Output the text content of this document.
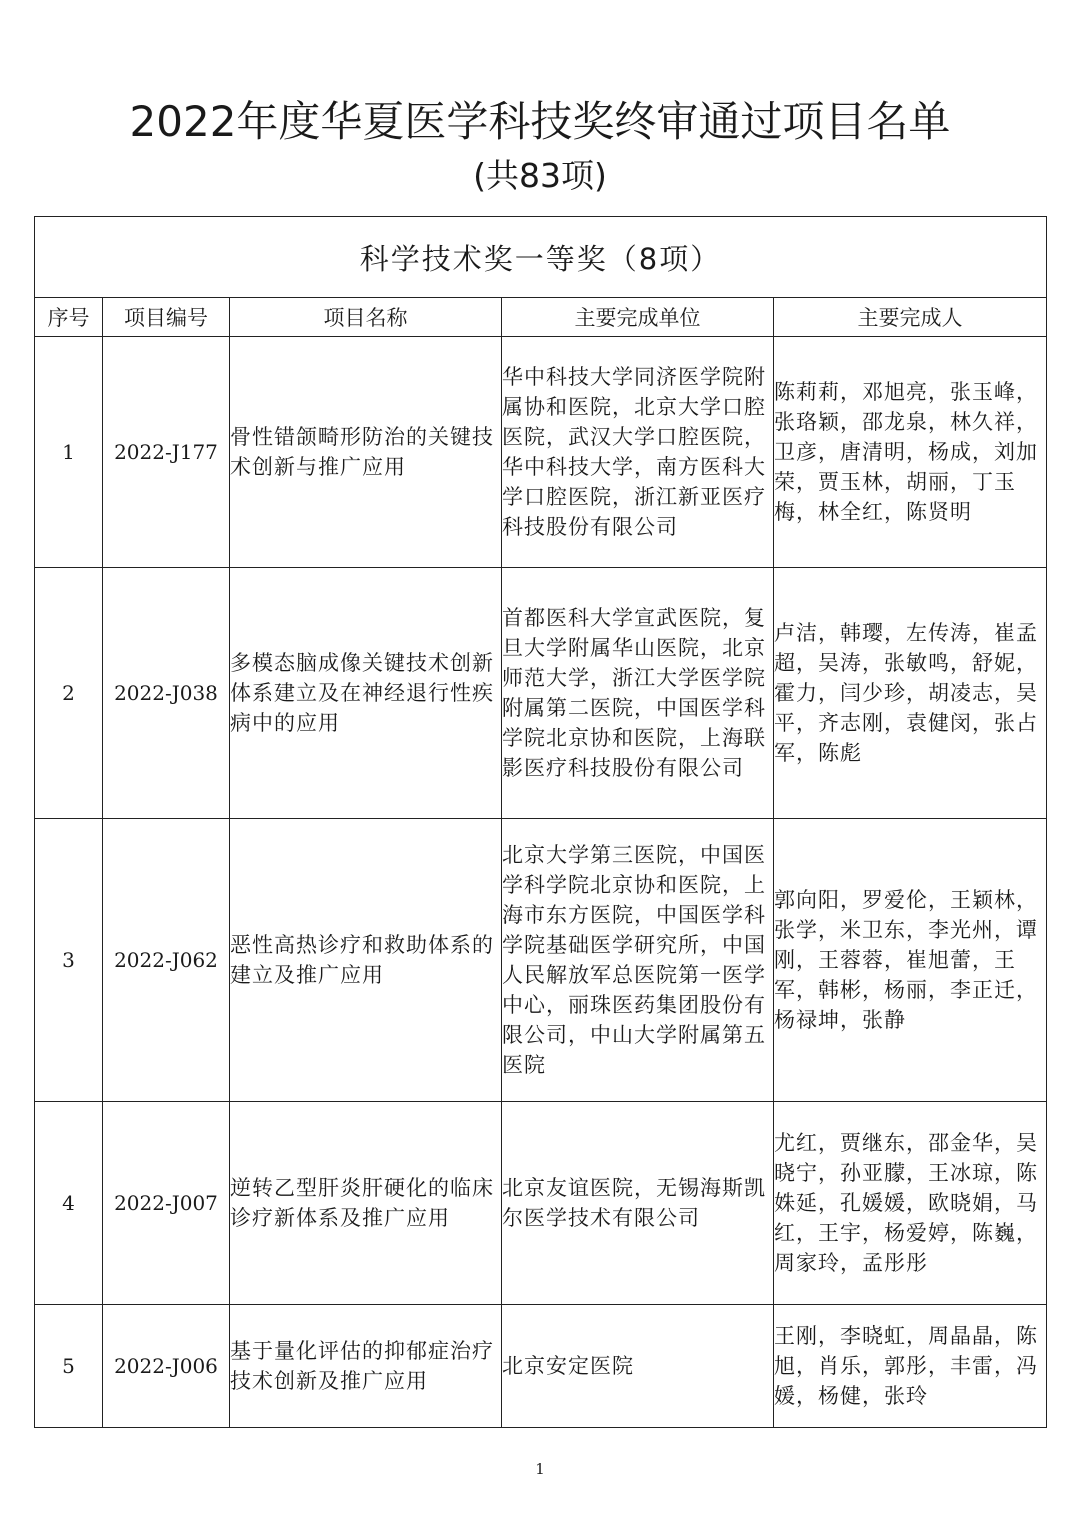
2022年度华夏医学科技奖终审通过项目名单
(共83项)
科学技术奖一等奖（8项）				
序号	项目编号	项目名称	主要完成单位	主要完成人
1	2022-J177	骨性错颌畸形防治的关键技术创新与推广应用	华中科技大学同济医学院附属协和医院，北京大学口腔医院，武汉大学口腔医院，华中科技大学，南方医科大学口腔医院，浙江新亚医疗科技股份有限公司	陈莉莉，邓旭亮，张玉峰，张珞颖，邵龙泉，林久祥，卫彦，唐清明，杨成，刘加荣，贾玉林，胡丽，丁玉梅，林全红，陈贤明
2	2022-J038	多模态脑成像关键技术创新体系建立及在神经退行性疾病中的应用	首都医科大学宣武医院，复旦大学附属华山医院，北京师范大学，浙江大学医学院附属第二医院，中国医学科学院北京协和医院，上海联影医疗科技股份有限公司	卢洁，韩璎，左传涛，崔孟超，吴涛，张敏鸣，舒妮，霍力，闫少珍，胡凌志，吴平，齐志刚，袁健闵，张占军，陈彪
3	2022-J062	恶性高热诊疗和救助体系的建立及推广应用	北京大学第三医院，中国医学科学院北京协和医院，上海市东方医院，中国医学科学院基础医学研究所，中国人民解放军总医院第一医学中心，丽珠医药集团股份有限公司，中山大学附属第五医院	郭向阳，罗爱伦，王颖林，张学，米卫东，李光州，谭刚，王蓉蓉，崔旭蕾，王军，韩彬，杨丽，李正迁，杨禄坤，张静
4	2022-J007	逆转乙型肝炎肝硬化的临床诊疗新体系及推广应用	北京友谊医院，无锡海斯凯尔医学技术有限公司	尤红，贾继东，邵金华，吴晓宁，孙亚朦，王冰琼，陈姝延，孔媛媛，欧晓娟，马红，王宇，杨爱婷，陈巍，周家玲，孟彤彤
5	2022-J006	基于量化评估的抑郁症治疗技术创新及推广应用	北京安定医院	王刚，李晓虹，周晶晶，陈旭，肖乐，郭彤，丰雷，冯媛，杨健，张玲
1
